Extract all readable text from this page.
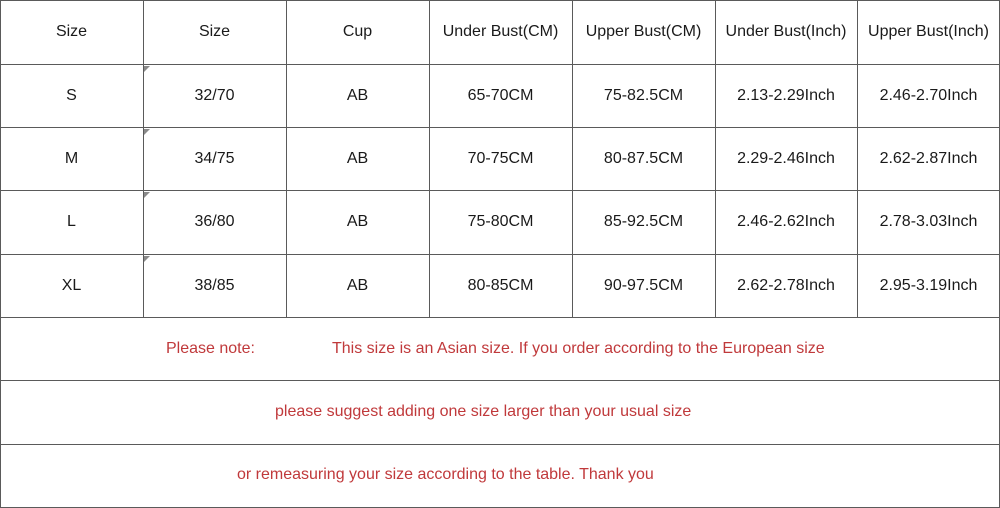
Size	Size	Cup	Under Bust(CM)	Upper Bust(CM)	Under Bust(Inch)	Upper Bust(Inch)
S	32/70	AB	65-70CM	75-82.5CM	2.13-2.29Inch	2.46-2.70Inch
M	34/75	AB	70-75CM	80-87.5CM	2.29-2.46Inch	2.62-2.87Inch
L	36/80	AB	75-80CM	85-92.5CM	2.46-2.62Inch	2.78-3.03Inch
XL	38/85	AB	80-85CM	90-97.5CM	2.62-2.78Inch	2.95-3.19Inch
Please note:	This size is an Asian size. If you order according to the European size
please suggest adding one size larger than your usual size
or remeasuring your size according to the table. Thank you
